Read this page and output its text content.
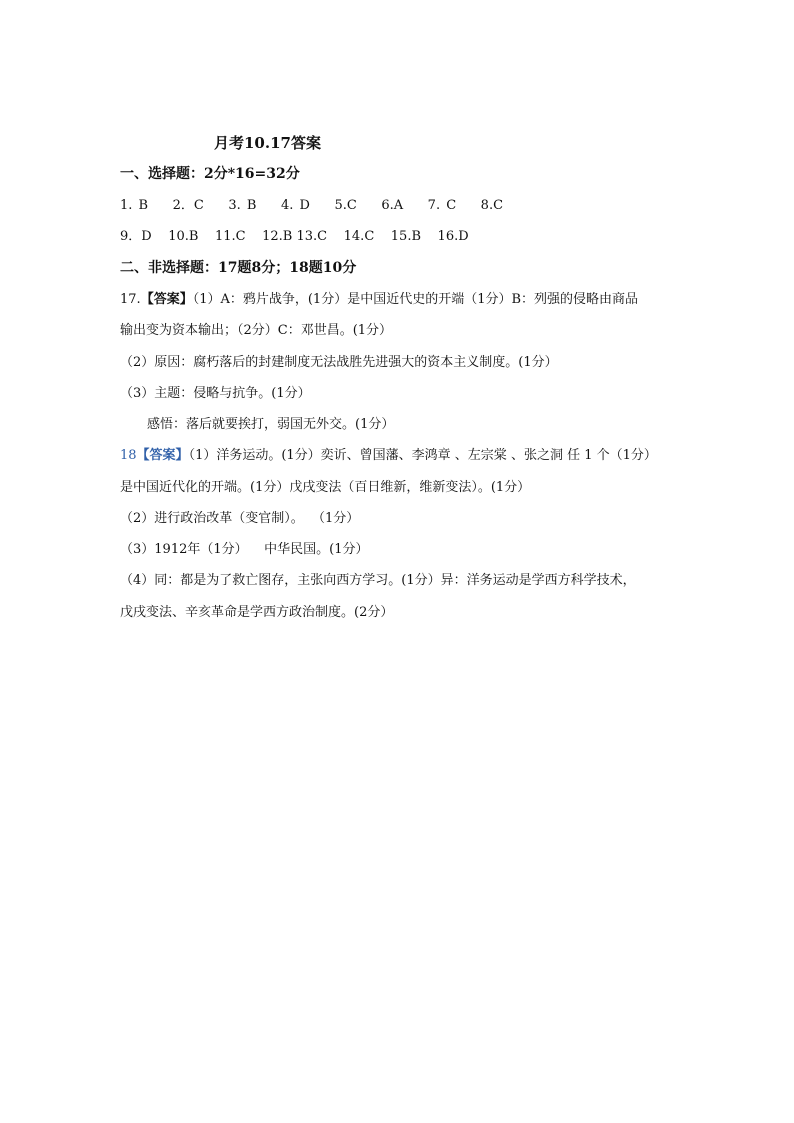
月考10.17答案
一、选择题：2分*16=32分
1. B    2．C    3. B    4. D    5.C    6.A    7. C    8.C
9．D    10.B    11.C    12.B 13.C    14.C    15.B    16.D
二、非选择题：17题8分；18题10分
17.【答案】（1）A：鸦片战争，(1分）是中国近代史的开端（1分）B：列强的侵略由商品
输出变为资本输出；（2分）C：邓世昌。(1分）
（2）原因：腐朽落后的封建制度无法战胜先进强大的资本主义制度。(1分）
（3）主题：侵略与抗争。(1分）
感悟：落后就要挨打，弱国无外交。(1分）
18【答案】（1）洋务运动。(1分）奕䜣、曾国藩、李鸿章 、左宗棠 、张之洞 任 1 个（1分）
是中国近代化的开端。(1分）戊戌变法（百日维新，维新变法）。(1分）
（2）进行政治改革（变官制）。  （1分）
（3）1912年（1分）    中华民国。(1分）
（4）同：都是为了救亡图存，主张向西方学习。(1分）异：洋务运动是学西方科学技术，
戊戌变法、辛亥革命是学西方政治制度。(2分）
